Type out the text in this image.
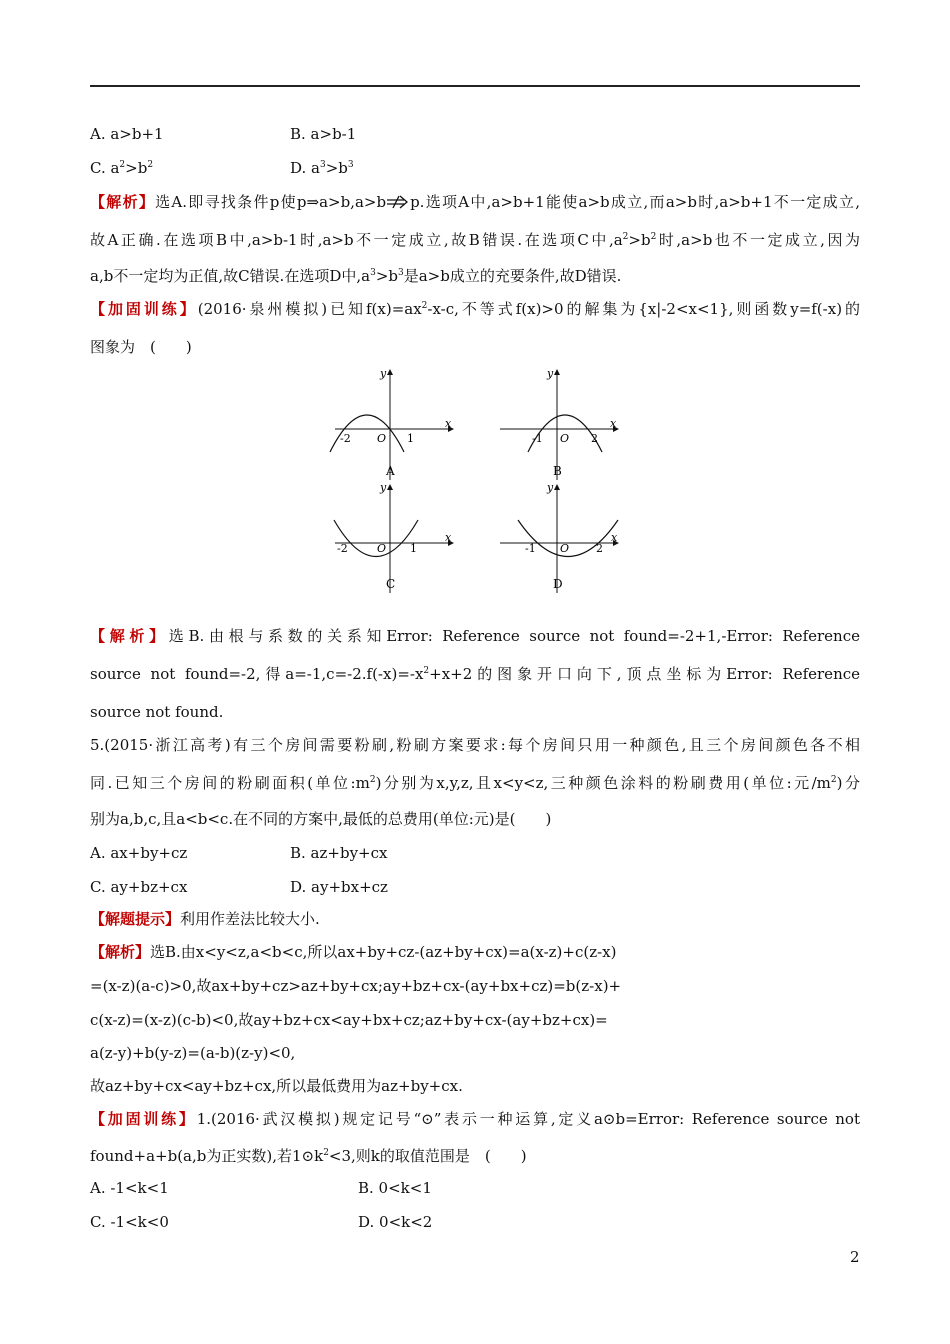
A. a>b+1	B. a>b-1
C. $a^2>b^2$	D. $a^3>b^3$
【解析】选A.即寻找条件p使p⇒a>b,a>b p.选项A中,a>b+1能使a>b成立,而a>b时,a>b+1不一定成立,
故A正确.在选项B中,a>b-1时,a>b不一定成立,故B错误.在选项C中$,a^2>b^2$时,a>b也不一定成立,因为
a,b不一定均为正值,故C错误.在选项D中$,a^3>b^3$是a>b成立的充要条件,故D错误.
【加固训练】(2016·泉州模拟)已知$f(x)=ax^2-x-c$,不等式f(x)>0的解集为{x|-2<x<1},则函数y=f(-x)的
图象为　(　　)
y
x
O
-2	1
A
y
x
O
-1	2
B
y
x
O
-2	1
C
y
x
O
-1	2
D
【解析】选B.由根与系数的关系知Error: Reference source not found=-2+1,-Error: Reference
source not found=-2,得$a=-1,c=-2.f(-x)=-x^2+x+2$的图象开口向下,顶点坐标为Error: Reference
source not found.
5.(2015·浙江高考)有三个房间需要粉刷,粉刷方案要求:每个房间只用一种颜色,且三个房间颜色各不相
同.已知三个房间的粉刷面积(单位$:m^2$)分别为x,y,z,且x<y<z,三种颜色涂料的粉刷费用(单位:元$/m^2$)分
别为a,b,c,且a<b<c.在不同的方案中,最低的总费用(单位:元)是(　　)
A. ax+by+cz	B. az+by+cx
C. ay+bz+cx	D. ay+bx+cz
【解题提示】利用作差法比较大小.
【解析】选B.由x<y<z,a<b<c,所以ax+by+cz-(az+by+cx)=a(x-z)+c(z-x)
=(x-z)(a-c)>0,故ax+by+cz>az+by+cx;ay+bz+cx-(ay+bx+cz)=b(z-x)+
c(x-z)=(x-z)(c-b)<0,故ay+bz+cx<ay+bx+cz;az+by+cx-(ay+bz+cx)=
a(z-y)+b(y-z)=(a-b)(z-y)<0,
故az+by+cx<ay+bz+cx,所以最低费用为az+by+cx.
【加固训练】1.(2016·武汉模拟)规定记号“⊙”表示一种运算,定义a⊙b=Error: Reference source not
found+a+b(a,b为正实数),若$1⊙k^2<3$,则k的取值范围是　(　　)
A. -1<k<1	B. 0<k<1
C. -1<k<0	D. 0<k<2
2
